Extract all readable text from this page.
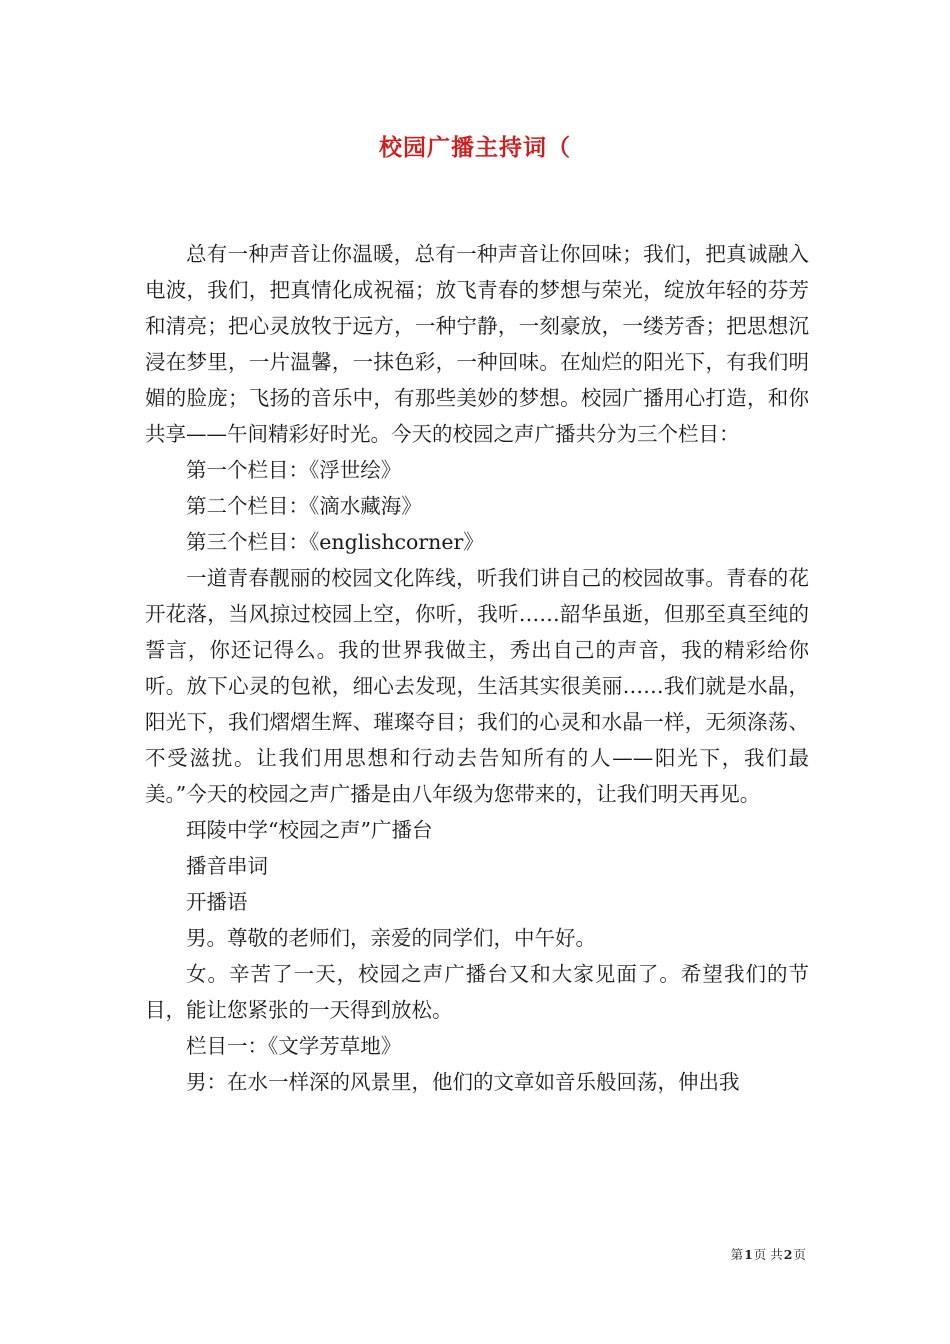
校园广播主持词（

总有一种声音让你温暖，总有一种声音让你回味；我们，把真诚融入电波，我们，把真情化成祝福；放飞青春的梦想与荣光，绽放年轻的芬芳和清亮；把心灵放牧于远方，一种宁静，一刻豪放，一缕芳香；把思想沉浸在梦里，一片温馨，一抹色彩，一种回味。在灿烂的阳光下，有我们明媚的脸庞；飞扬的音乐中，有那些美妙的梦想。校园广播用心打造，和你共享——午间精彩好时光。今天的校园之声广播共分为三个栏目：

第一个栏目：《浮世绘》

第二个栏目：《滴水藏海》

第三个栏目：《englishcorner》

一道青春靓丽的校园文化阵线，听我们讲自己的校园故事。青春的花开花落，当风掠过校园上空，你听，我听……韶华虽逝，但那至真至纯的誓言，你还记得么。我的世界我做主，秀出自己的声音，我的精彩给你听。放下心灵的包袱，细心去发现，生活其实很美丽……我们就是水晶，阳光下，我们熠熠生辉、璀璨夺目；我们的心灵和水晶一样，无须涤荡、不受滋扰。让我们用思想和行动去告知所有的人——阳光下，我们最美。”今天的校园之声广播是由八年级为您带来的，让我们明天再见。

珥陵中学“校园之声”广播台

播音串词

开播语

男。尊敬的老师们，亲爱的同学们，中午好。

女。辛苦了一天，校园之声广播台又和大家见面了。希望我们的节目，能让您紧张的一天得到放松。

栏目一：《文学芳草地》

男：在水一样深的风景里，他们的文章如音乐般回荡，伸出我

第1页 共2页
